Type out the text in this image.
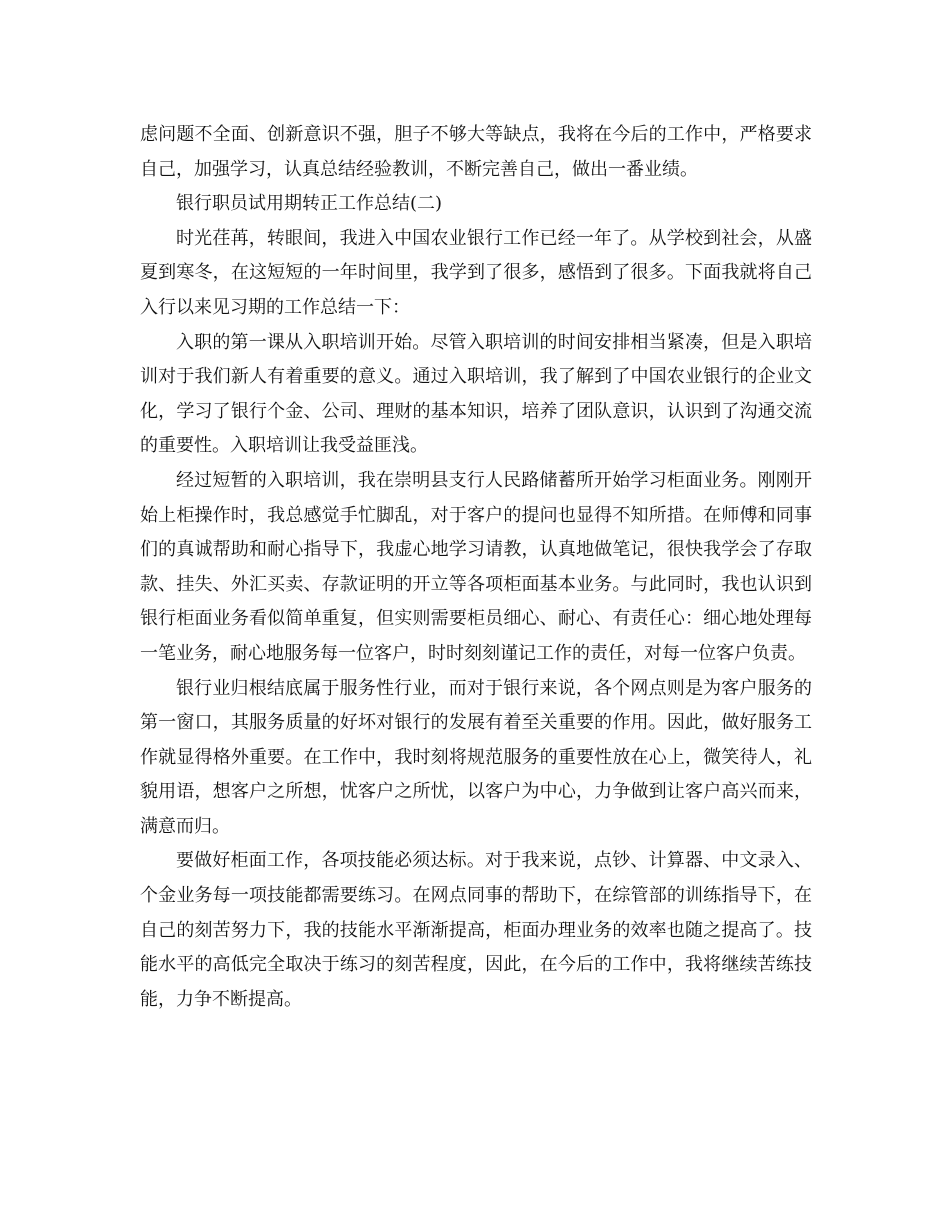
虑问题不全面、创新意识不强，胆子不够大等缺点，我将在今后的工作中，严格要求自己，加强学习，认真总结经验教训，不断完善自己，做出一番业绩。

银行职员试用期转正工作总结(二)

时光荏苒，转眼间，我进入中国农业银行工作已经一年了。从学校到社会，从盛夏到寒冬，在这短短的一年时间里，我学到了很多，感悟到了很多。下面我就将自己入行以来见习期的工作总结一下：

入职的第一课从入职培训开始。尽管入职培训的时间安排相当紧凑，但是入职培训对于我们新人有着重要的意义。通过入职培训，我了解到了中国农业银行的企业文化，学习了银行个金、公司、理财的基本知识，培养了团队意识，认识到了沟通交流的重要性。入职培训让我受益匪浅。

经过短暂的入职培训，我在崇明县支行人民路储蓄所开始学习柜面业务。刚刚开始上柜操作时，我总感觉手忙脚乱，对于客户的提问也显得不知所措。在师傅和同事们的真诚帮助和耐心指导下，我虚心地学习请教，认真地做笔记，很快我学会了存取款、挂失、外汇买卖、存款证明的开立等各项柜面基本业务。与此同时，我也认识到银行柜面业务看似简单重复，但实则需要柜员细心、耐心、有责任心：细心地处理每一笔业务，耐心地服务每一位客户，时时刻刻谨记工作的责任，对每一位客户负责。

银行业归根结底属于服务性行业，而对于银行来说，各个网点则是为客户服务的第一窗口，其服务质量的好坏对银行的发展有着至关重要的作用。因此，做好服务工作就显得格外重要。在工作中，我时刻将规范服务的重要性放在心上，微笑待人，礼貌用语，想客户之所想，忧客户之所忧，以客户为中心，力争做到让客户高兴而来，满意而归。

要做好柜面工作，各项技能必须达标。对于我来说，点钞、计算器、中文录入、个金业务每一项技能都需要练习。在网点同事的帮助下，在综管部的训练指导下，在自己的刻苦努力下，我的技能水平渐渐提高，柜面办理业务的效率也随之提高了。技能水平的高低完全取决于练习的刻苦程度，因此，在今后的工作中，我将继续苦练技能，力争不断提高。
